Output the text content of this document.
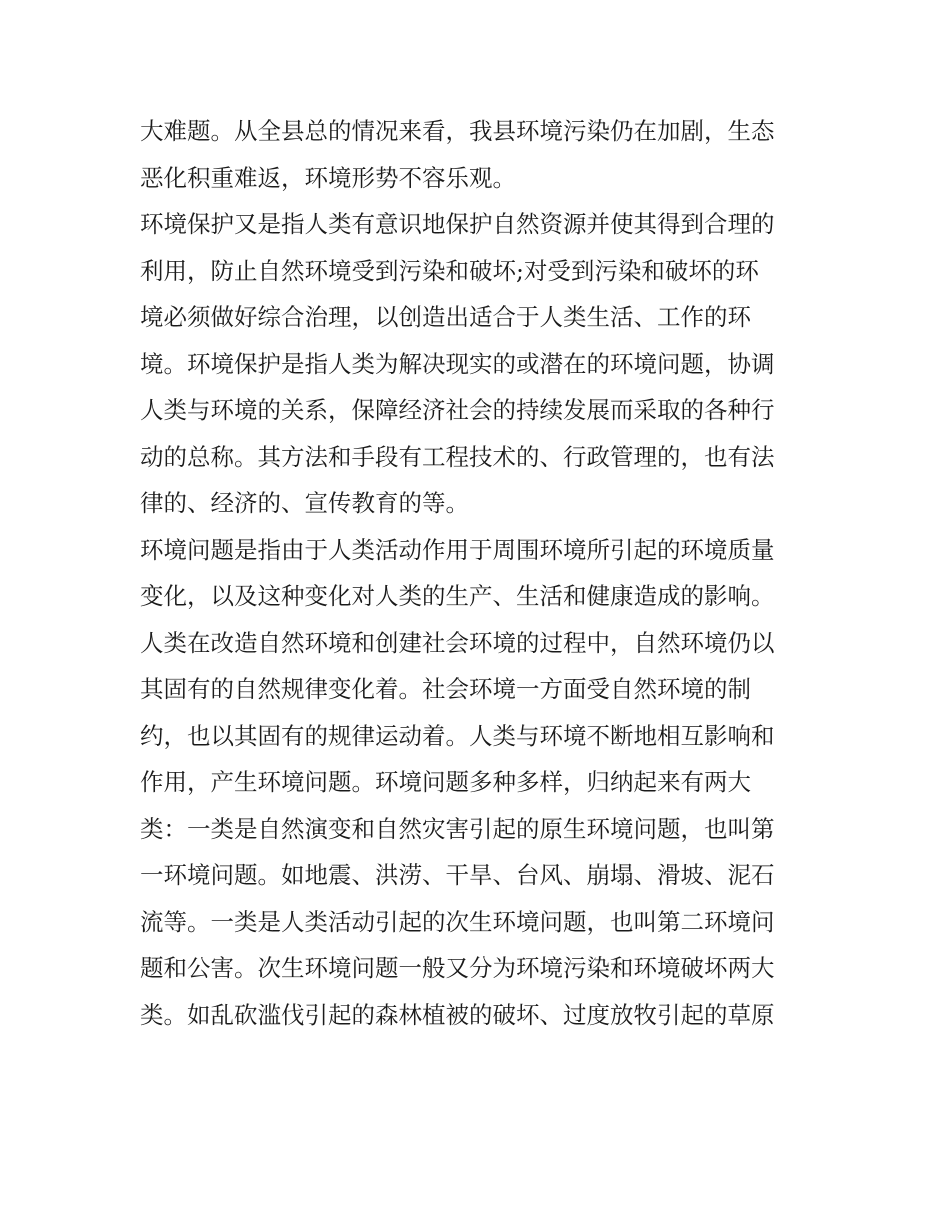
大难题。从全县总的情况来看，我县环境污染仍在加剧，生态
恶化积重难返，环境形势不容乐观。
环境保护又是指人类有意识地保护自然资源并使其得到合理的
利用，防止自然环境受到污染和破坏;对受到污染和破坏的环
境必须做好综合治理，以创造出适合于人类生活、工作的环
境。环境保护是指人类为解决现实的或潜在的环境问题，协调
人类与环境的关系，保障经济社会的持续发展而采取的各种行
动的总称。其方法和手段有工程技术的、行政管理的，也有法
律的、经济的、宣传教育的等。
环境问题是指由于人类活动作用于周围环境所引起的环境质量
变化，以及这种变化对人类的生产、生活和健康造成的影响。
人类在改造自然环境和创建社会环境的过程中，自然环境仍以
其固有的自然规律变化着。社会环境一方面受自然环境的制
约，也以其固有的规律运动着。人类与环境不断地相互影响和
作用，产生环境问题。环境问题多种多样，归纳起来有两大
类：一类是自然演变和自然灾害引起的原生环境问题，也叫第
一环境问题。如地震、洪涝、干旱、台风、崩塌、滑坡、泥石
流等。一类是人类活动引起的次生环境问题，也叫第二环境问
题和公害。次生环境问题一般又分为环境污染和环境破坏两大
类。如乱砍滥伐引起的森林植被的破坏、过度放牧引起的草原
